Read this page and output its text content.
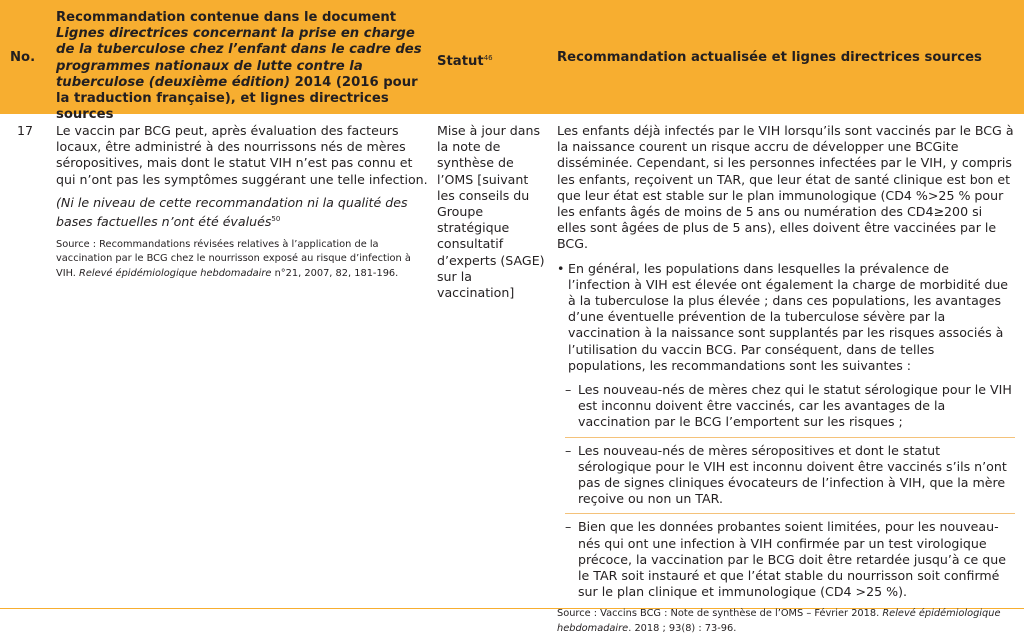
No.
Recommandation contenue dans le document
Lignes directrices concernant la prise en charge de la tuberculose chez l’enfant dans le cadre des programmes nationaux de lutte contre la tuberculose (deuxième édition) 2014 (2016 pour la traduction française), et lignes directrices sources
Statut$^{46}$	Recommandation actualisée et lignes directrices sources
17 Le vaccin par BCG peut, après évaluation des facteurs locaux, être administré à des nourrissons nés de mères séropositives, mais dont le statut VIH n’est pas connu et qui n’ont pas les symptômes suggérant une telle infection.
(Ni le niveau de cette recommandation ni la qualité des bases factuelles n’ont été évalués$^{50}$
Source : Recommandations révisées relatives à l’application de la vaccination par le BCG chez le nourrisson exposé au risque d’infection à VIH. Relevé épidémiologique hebdomadaire n°21, 2007, 82, 181-196.
Mise à jour dans la note de synthèse de l’OMS [suivant les conseils du Groupe stratégique consultatif d’experts (SAGE) sur la vaccination]

Les enfants déjà infectés par le VIH lorsqu’ils sont vaccinés par le BCG à la naissance courent un risque accru de développer une BCGite disséminée. Cependant, si les personnes infectées par le VIH, y compris les enfants, reçoivent un TAR, que leur état de santé clinique est bon et que leur état est stable sur le plan immunologique (CD4 %>25 % pour les enfants âgés de moins de 5 ans ou numération des CD4≥200 si elles sont âgées de plus de 5 ans), elles doivent être vaccinées par le BCG.

• En général, les populations dans lesquelles la prévalence de l’infection à VIH est élevée ont également la charge de morbidité due à la tuberculose la plus élevée ; dans ces populations, les avantages d’une éventuelle prévention de la tuberculose sévère par la vaccination à la naissance sont supplantés par les risques associés à l’utilisation du vaccin BCG. Par conséquent, dans de telles populations, les recommandations sont les suivantes :
– Les nouveau-nés de mères chez qui le statut sérologique pour le VIH est inconnu doivent être vaccinés, car les avantages de la vaccination par le BCG l’emportent sur les risques ;
– Les nouveau-nés de mères séropositives et dont le statut sérologique pour le VIH est inconnu doivent être vaccinés s’ils n’ont pas de signes cliniques évocateurs de l’infection à VIH, que la mère reçoive ou non un TAR.
– Bien que les données probantes soient limitées, pour les nouveau-nés qui ont une infection à VIH confirmée par un test virologique précoce, la vaccination par le BCG doit être retardée jusqu’à ce que le TAR soit instauré et que l’état stable du nourrisson soit confirmé sur le plan clinique et immunologique (CD4 >25 %).
Source : Vaccins BCG : Note de synthèse de l’OMS – Février 2018. Relevé épidémiologique hebdomadaire. 2018 ; 93(8) : 73-96.
